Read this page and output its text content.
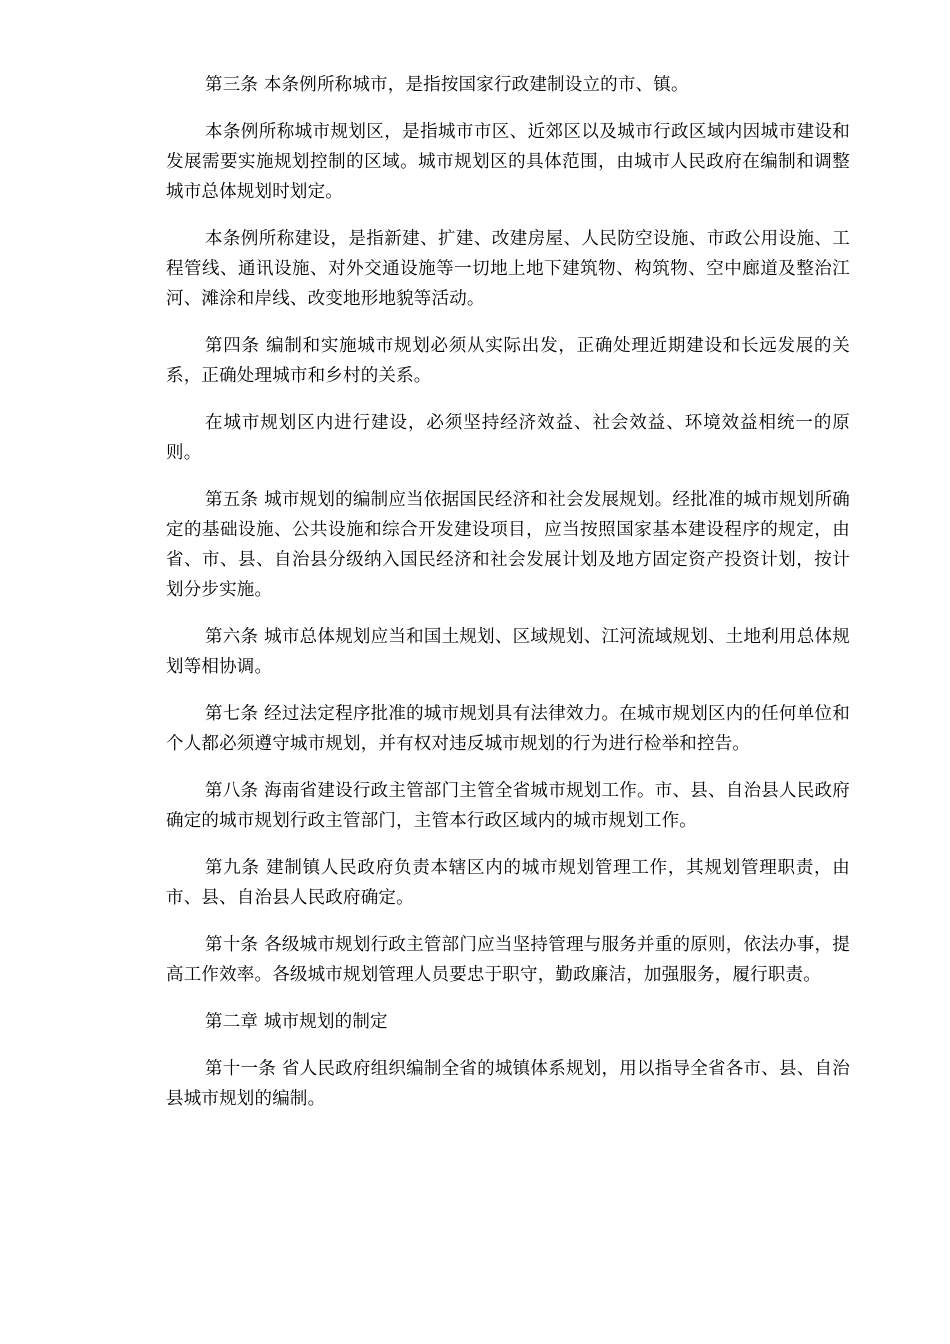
第三条 本条例所称城市，是指按国家行政建制设立的市、镇。

本条例所称城市规划区，是指城市市区、近郊区以及城市行政区域内因城市建设和发展需要实施规划控制的区域。城市规划区的具体范围，由城市人民政府在编制和调整城市总体规划时划定。

本条例所称建设，是指新建、扩建、改建房屋、人民防空设施、市政公用设施、工程管线、通讯设施、对外交通设施等一切地上地下建筑物、构筑物、空中廊道及整治江河、滩涂和岸线、改变地形地貌等活动。

第四条 编制和实施城市规划必须从实际出发，正确处理近期建设和长远发展的关系，正确处理城市和乡村的关系。

在城市规划区内进行建设，必须坚持经济效益、社会效益、环境效益相统一的原则。

第五条 城市规划的编制应当依据国民经济和社会发展规划。经批准的城市规划所确定的基础设施、公共设施和综合开发建设项目，应当按照国家基本建设程序的规定，由省、市、县、自治县分级纳入国民经济和社会发展计划及地方固定资产投资计划，按计划分步实施。

第六条 城市总体规划应当和国土规划、区域规划、江河流域规划、土地利用总体规划等相协调。

第七条 经过法定程序批准的城市规划具有法律效力。在城市规划区内的任何单位和个人都必须遵守城市规划，并有权对违反城市规划的行为进行检举和控告。

第八条 海南省建设行政主管部门主管全省城市规划工作。市、县、自治县人民政府确定的城市规划行政主管部门，主管本行政区域内的城市规划工作。

第九条 建制镇人民政府负责本辖区内的城市规划管理工作，其规划管理职责，由市、县、自治县人民政府确定。

第十条 各级城市规划行政主管部门应当坚持管理与服务并重的原则，依法办事，提高工作效率。各级城市规划管理人员要忠于职守，勤政廉洁，加强服务，履行职责。

第二章 城市规划的制定

第十一条 省人民政府组织编制全省的城镇体系规划，用以指导全省各市、县、自治县城市规划的编制。
